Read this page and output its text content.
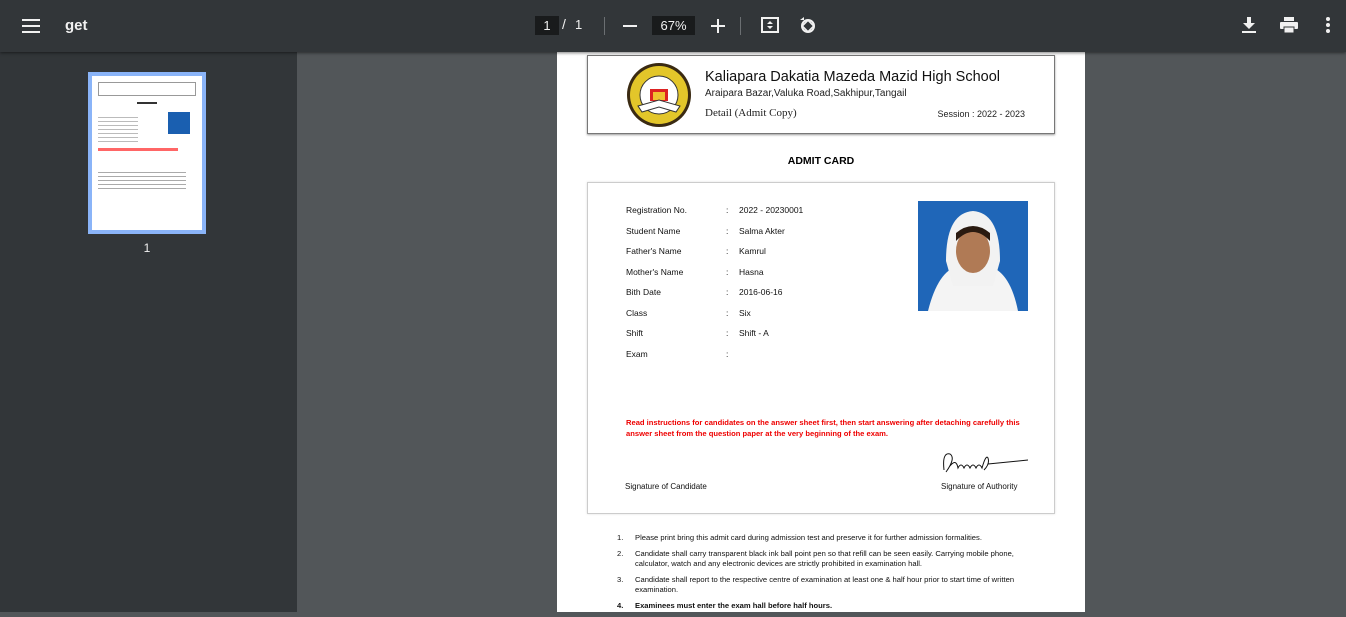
get	1 / 1	67%
1
Kaliapara Dakatia Mazeda Mazid High School
Araipara Bazar,Valuka Road,Sakhipur,Tangail
Detail (Admit Copy)	Session : 2022 - 2023
ADMIT CARD
Registration No.	: 2022 - 20230001
Student Name	: Salma Akter
Father's Name	: Kamrul
Mother's Name	: Hasna
Bith Date	: 2016-06-16
Class	: Six
Shift	: Shift - A
Exam	:
Read instructions for candidates on the answer sheet first, then start answering after detaching carefully this answer sheet from the question paper at the very beginning of the exam.
Signature of Candidate	Signature of Authority
1. Please print bring this admit card during admission test and preserve it for further admission formalities.
2. Candidate shall carry transparent black ink ball point pen so that refill can be seen easily. Carrying mobile phone, calculator, watch and any electronic devices are strictly prohibited in examination hall.
3. Candidate shall report to the respective centre of examination at least one & half hour prior to start time of written examination.
4. Examinees must enter the exam hall before half hours.
